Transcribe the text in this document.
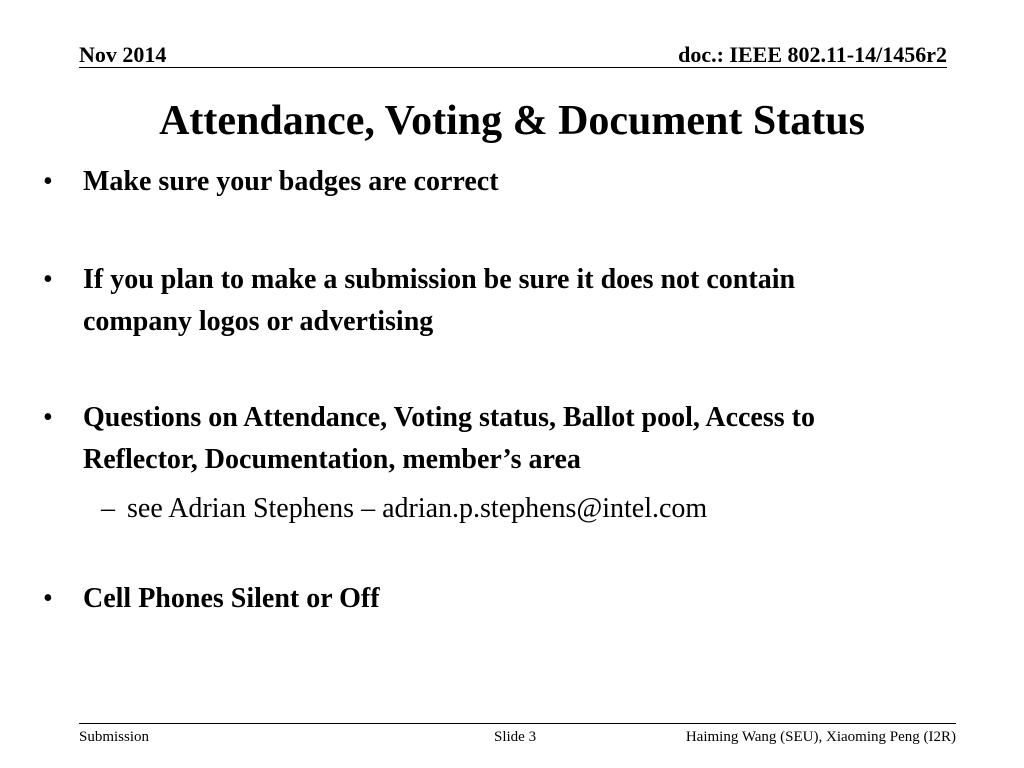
Nov 2014	doc.: IEEE 802.11-14/1456r2
Attendance, Voting & Document Status
• Make sure your badges are correct
• If you plan to make a submission be sure it does not contain
company logos or advertising
• Questions on Attendance, Voting status, Ballot pool, Access to
Reflector, Documentation, member’s area
– see Adrian Stephens – adrian.p.stephens@intel.com
• Cell Phones Silent or Off
Submission	Slide 3	Haiming Wang (SEU), Xiaoming Peng (I2R)
